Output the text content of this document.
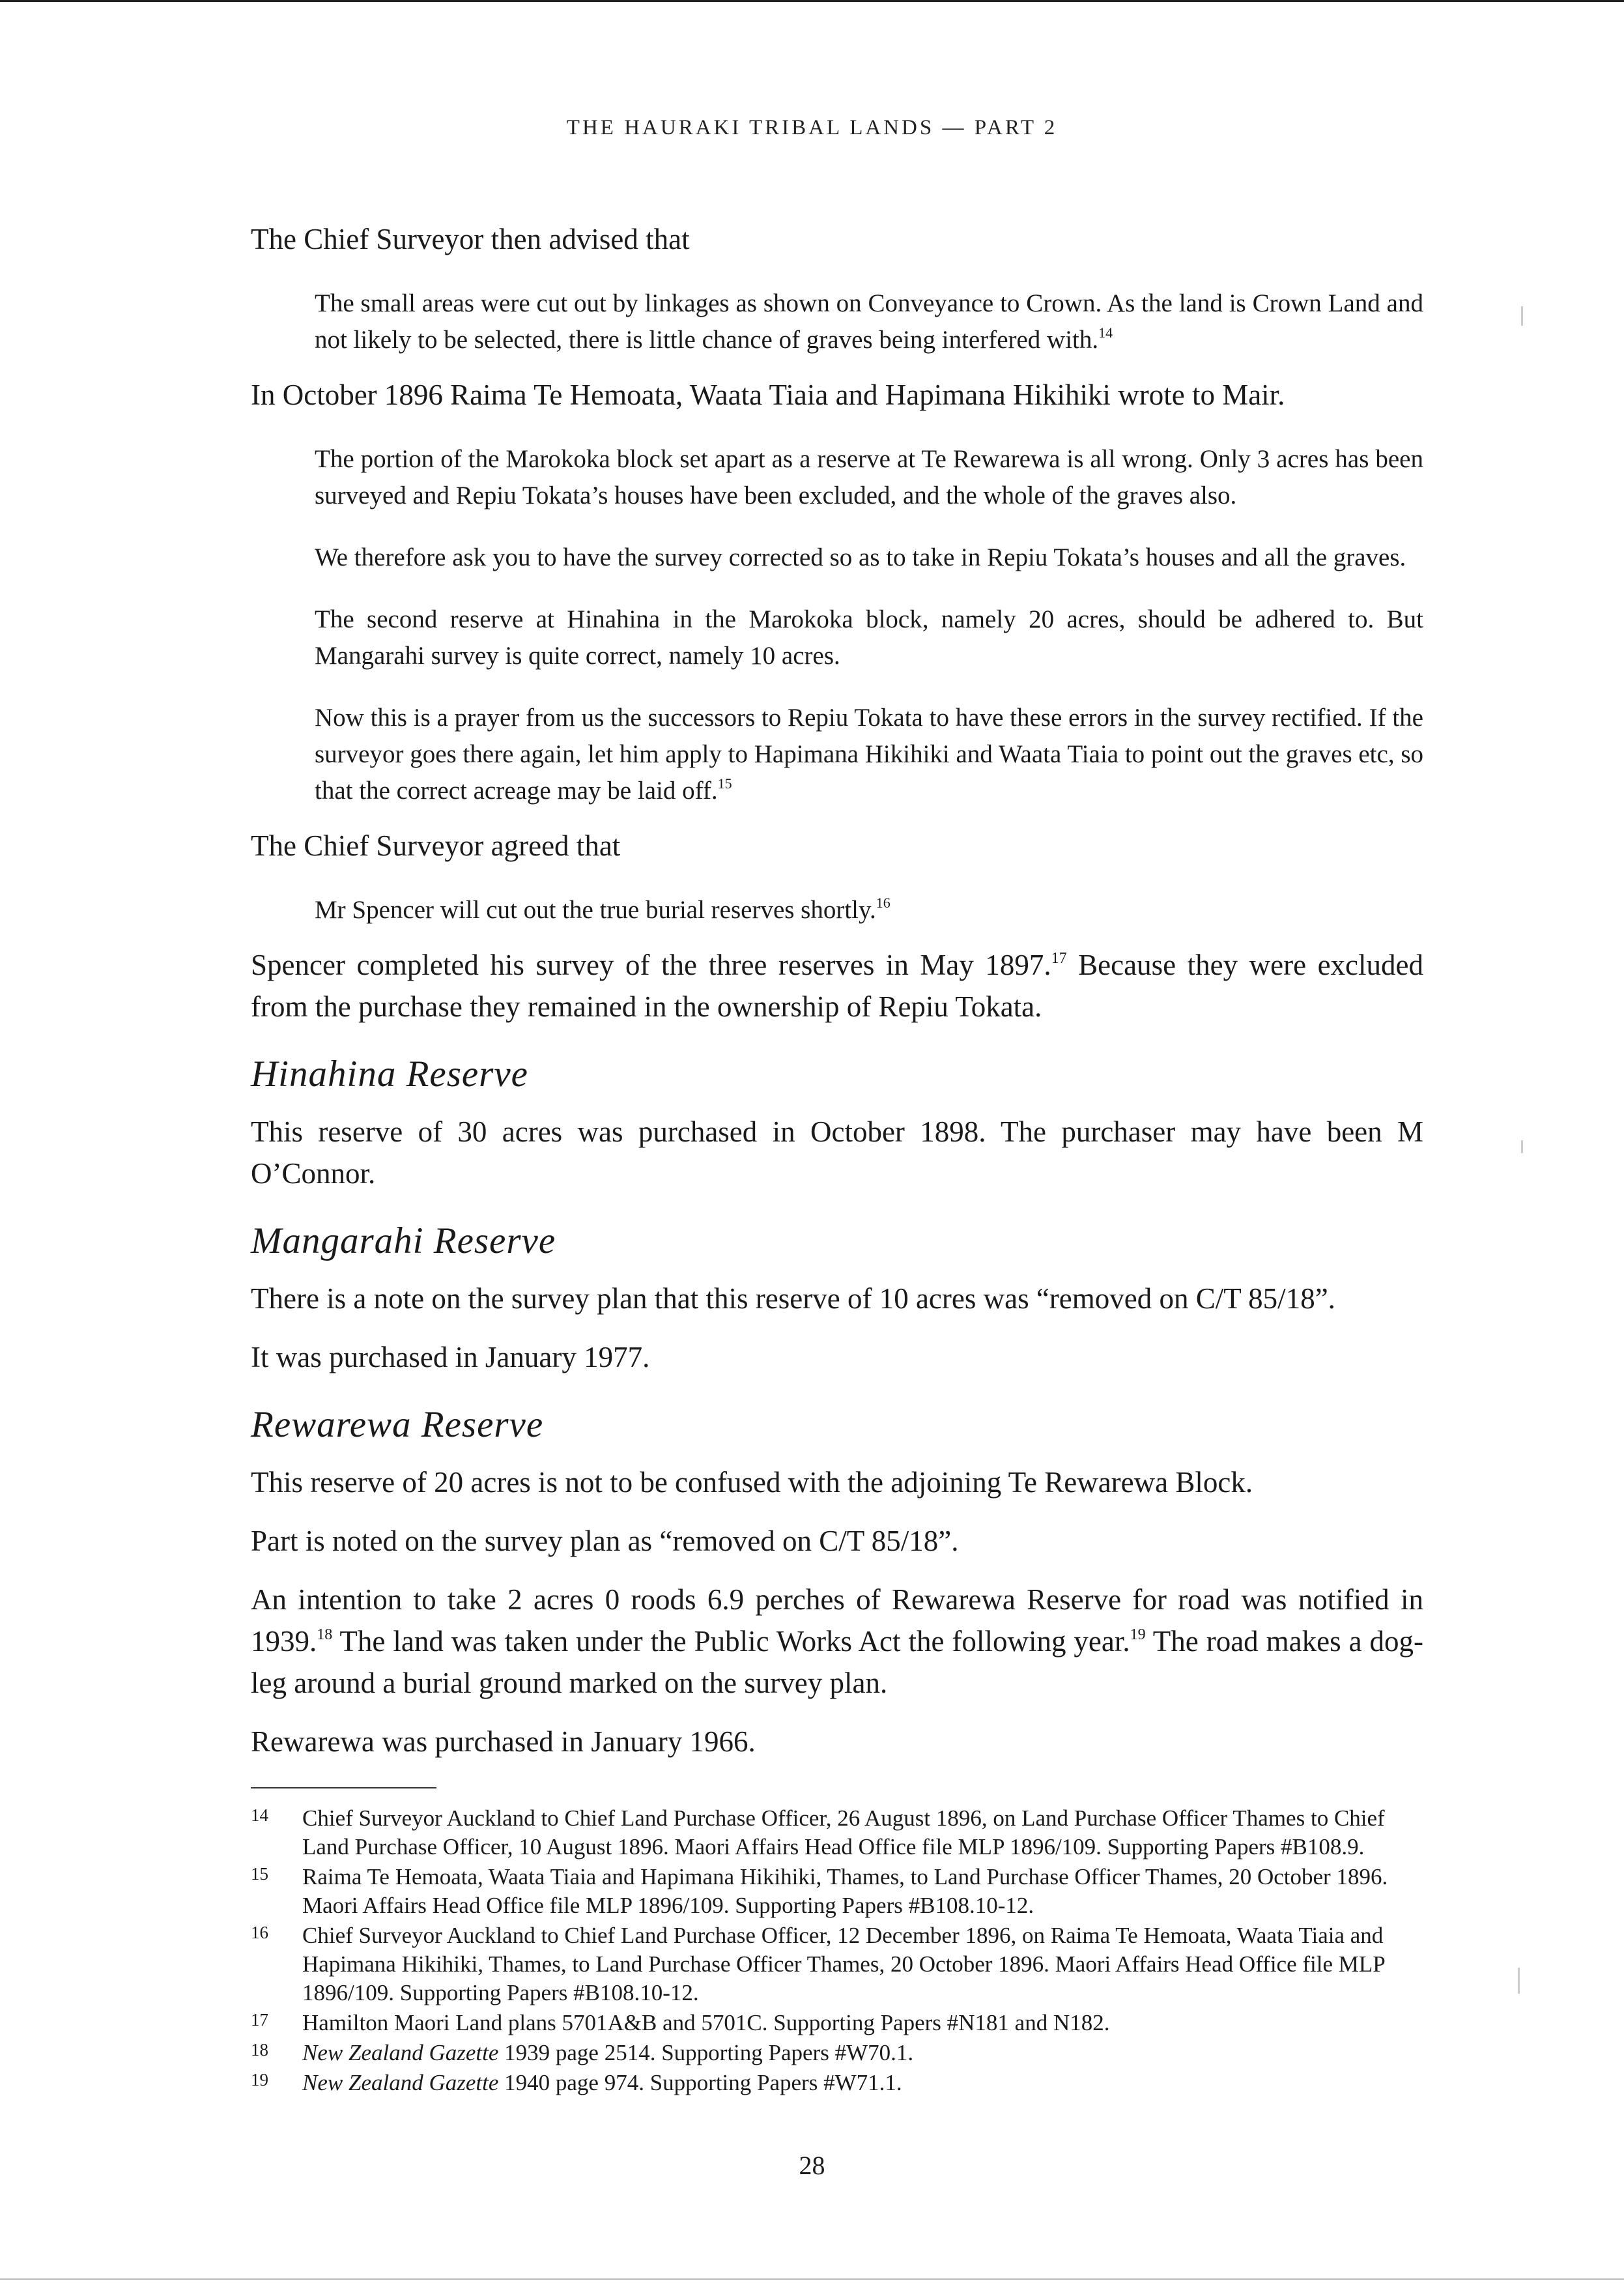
THE HAURAKI TRIBAL LANDS — PART 2

The Chief Surveyor then advised that

The small areas were cut out by linkages as shown on Conveyance to Crown. As the land is Crown Land and not likely to be selected, there is little chance of graves being interfered with.$^{14}$

In October 1896 Raima Te Hemoata, Waata Tiaia and Hapimana Hikihiki wrote to Mair.

The portion of the Marokoka block set apart as a reserve at Te Rewarewa is all wrong. Only 3 acres has been surveyed and Repiu Tokata’s houses have been excluded, and the whole of the graves also.

We therefore ask you to have the survey corrected so as to take in Repiu Tokata’s houses and all the graves.

The second reserve at Hinahina in the Marokoka block, namely 20 acres, should be adhered to. But Mangarahi survey is quite correct, namely 10 acres.

Now this is a prayer from us the successors to Repiu Tokata to have these errors in the survey rectified. If the surveyor goes there again, let him apply to Hapimana Hikihiki and Waata Tiaia to point out the graves etc, so that the correct acreage may be laid off.$^{15}$

The Chief Surveyor agreed that

Mr Spencer will cut out the true burial reserves shortly.$^{16}$

Spencer completed his survey of the three reserves in May 1897.17 Because they were excluded from the purchase they remained in the ownership of Repiu Tokata.

Hinahina Reserve

This reserve of 30 acres was purchased in October 1898. The purchaser may have been M O’Connor.

Mangarahi Reserve

There is a note on the survey plan that this reserve of 10 acres was “removed on C/T 85/18”.

It was purchased in January 1977.

Rewarewa Reserve

This reserve of 20 acres is not to be confused with the adjoining Te Rewarewa Block.

Part is noted on the survey plan as “removed on C/T 85/18”.

An intention to take 2 acres 0 roods 6.9 perches of Rewarewa Reserve for road was notified in 1939.18 The land was taken under the Public Works Act the following year.$^{19}$ The road makes a dog-leg around a burial ground marked on the survey plan.

Rewarewa was purchased in January 1966.

14	Chief Surveyor Auckland to Chief Land Purchase Officer, 26 August 1896, on Land Purchase Officer Thames to Chief Land Purchase Officer, 10 August 1896. Maori Affairs Head Office file MLP 1896/109. Supporting Papers #B108.9.
15	Raima Te Hemoata, Waata Tiaia and Hapimana Hikihiki, Thames, to Land Purchase Officer Thames, 20 October 1896. Maori Affairs Head Office file MLP 1896/109. Supporting Papers #B108.10-12.
16	Chief Surveyor Auckland to Chief Land Purchase Officer, 12 December 1896, on Raima Te Hemoata, Waata Tiaia and Hapimana Hikihiki, Thames, to Land Purchase Officer Thames, 20 October 1896. Maori Affairs Head Office file MLP 1896/109. Supporting Papers #B108.10-12.
17	Hamilton Maori Land plans 5701A&B and 5701C. Supporting Papers #N181 and N182.
18	New Zealand Gazette 1939 page 2514. Supporting Papers #W70.1.
19	New Zealand Gazette 1940 page 974. Supporting Papers #W71.1.
28
